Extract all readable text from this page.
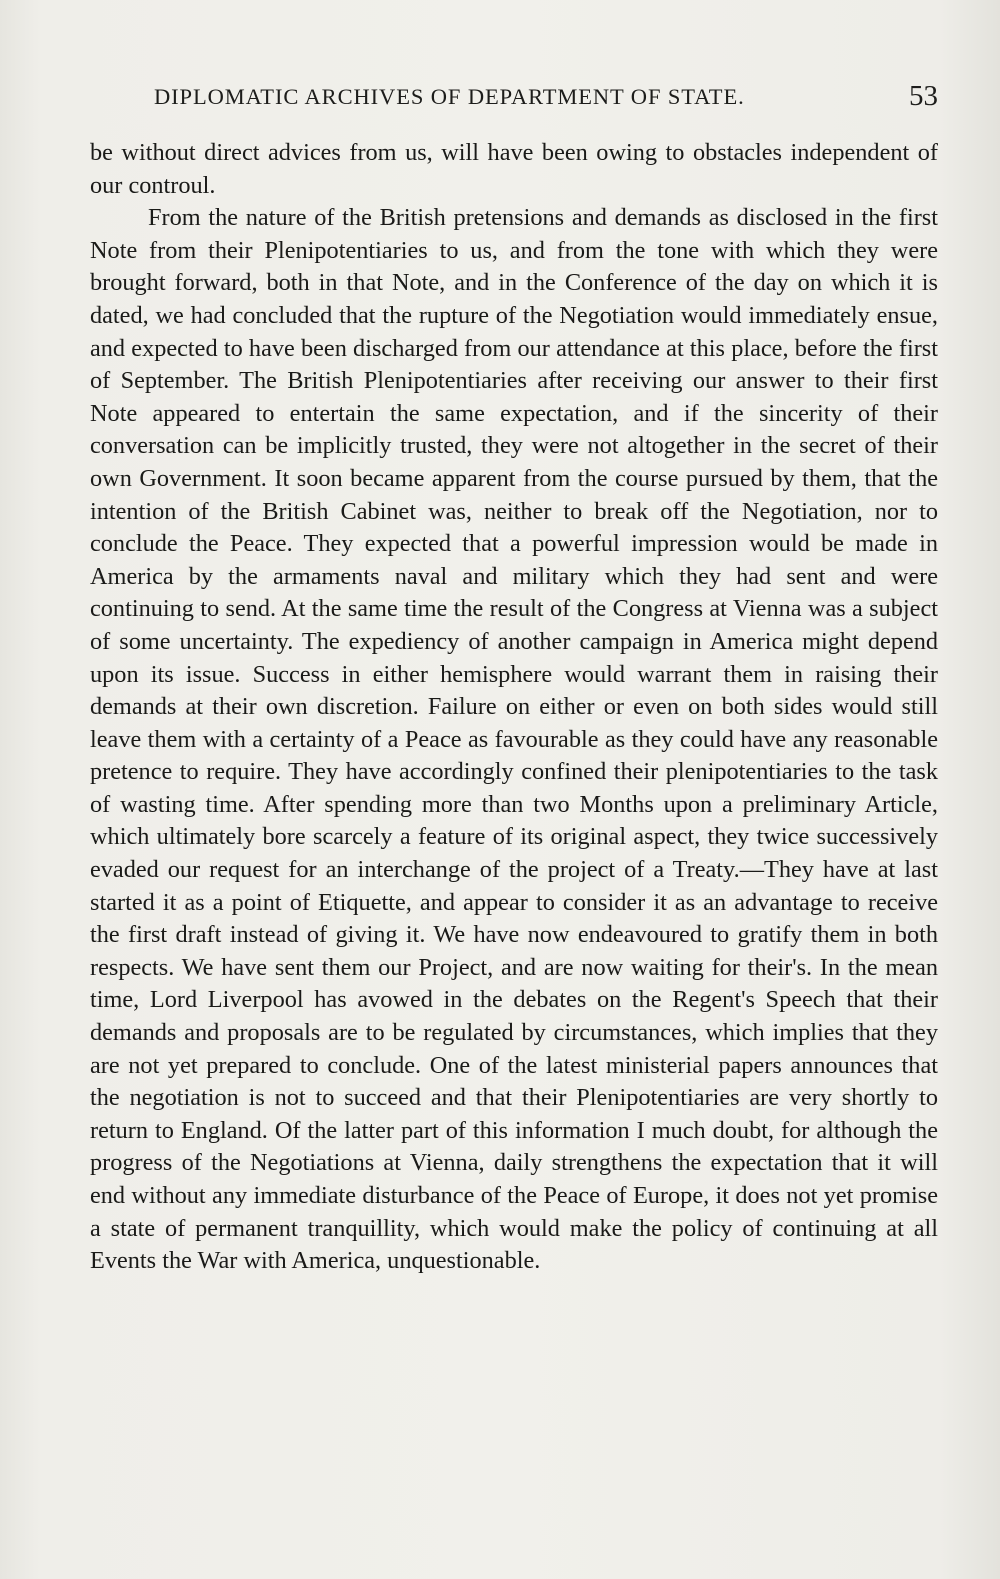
DIPLOMATIC ARCHIVES OF DEPARTMENT OF STATE.	53

be without direct advices from us, will have been owing to obstacles independent of our controul.

From the nature of the British pretensions and demands as disclosed in the first Note from their Plenipotentiaries to us, and from the tone with which they were brought forward, both in that Note, and in the Conference of the day on which it is dated, we had concluded that the rupture of the Negotiation would immediately ensue, and expected to have been discharged from our attendance at this place, before the first of September. The British Plenipotentiaries after receiving our answer to their first Note appeared to entertain the same expectation, and if the sincerity of their conversation can be implicitly trusted, they were not altogether in the secret of their own Government. It soon became apparent from the course pursued by them, that the intention of the British Cabinet was, neither to break off the Negotiation, nor to conclude the Peace. They expected that a powerful impression would be made in America by the armaments naval and military which they had sent and were continuing to send. At the same time the result of the Congress at Vienna was a subject of some uncertainty. The expediency of another campaign in America might depend upon its issue. Success in either hemisphere would warrant them in raising their demands at their own discretion. Failure on either or even on both sides would still leave them with a certainty of a Peace as favourable as they could have any reasonable pretence to require. They have accordingly confined their plenipotentiaries to the task of wasting time. After spending more than two Months upon a preliminary Article, which ultimately bore scarcely a feature of its original aspect, they twice successively evaded our request for an interchange of the project of a Treaty.—They have at last started it as a point of Etiquette, and appear to consider it as an advantage to receive the first draft instead of giving it. We have now endeavoured to gratify them in both respects. We have sent them our Project, and are now waiting for their's. In the mean time, Lord Liverpool has avowed in the debates on the Regent's Speech that their demands and proposals are to be regulated by circumstances, which implies that they are not yet prepared to conclude. One of the latest ministerial papers announces that the negotiation is not to succeed and that their Plenipotentiaries are very shortly to return to England. Of the latter part of this information I much doubt, for although the progress of the Negotiations at Vienna, daily strengthens the expectation that it will end without any immediate disturbance of the Peace of Europe, it does not yet promise a state of permanent tranquillity, which would make the policy of continuing at all Events the War with America, unquestionable.
